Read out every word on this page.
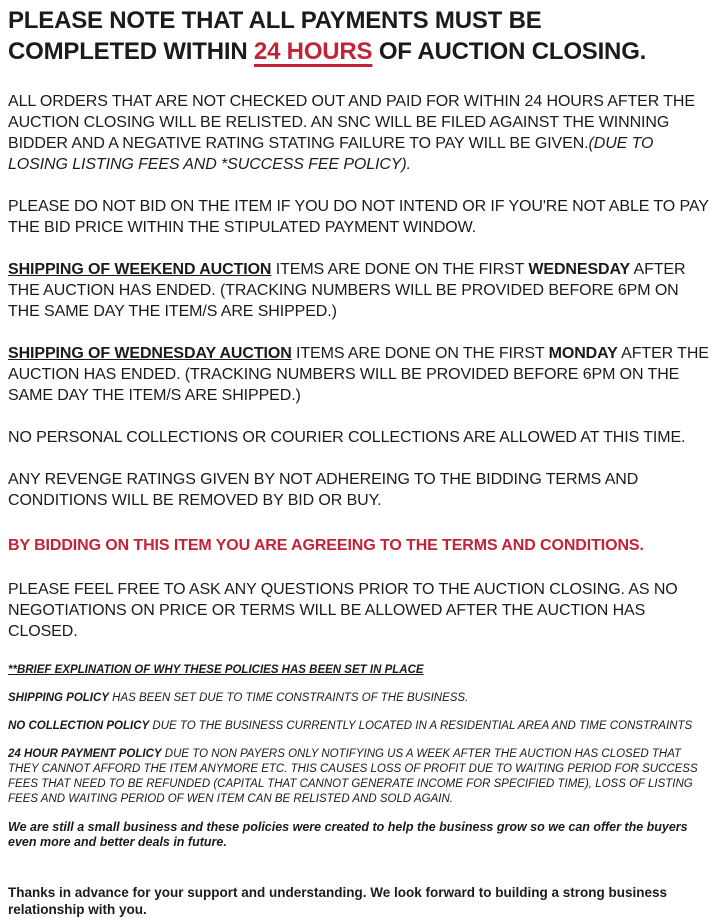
PLEASE NOTE THAT ALL PAYMENTS MUST BE COMPLETED WITHIN 24 HOURS OF AUCTION CLOSING.

ALL ORDERS THAT ARE NOT CHECKED OUT AND PAID FOR WITHIN 24 HOURS AFTER THE AUCTION CLOSING WILL BE RELISTED. AN SNC WILL BE FILED AGAINST THE WINNING BIDDER AND A NEGATIVE RATING STATING FAILURE TO PAY WILL BE GIVEN.(DUE TO LOSING LISTING FEES AND *SUCCESS FEE POLICY).

PLEASE DO NOT BID ON THE ITEM IF YOU DO NOT INTEND OR IF YOU'RE NOT ABLE TO PAY THE BID PRICE WITHIN THE STIPULATED PAYMENT WINDOW.

SHIPPING OF WEEKEND AUCTION ITEMS ARE DONE ON THE FIRST WEDNESDAY AFTER THE AUCTION HAS ENDED. (TRACKING NUMBERS WILL BE PROVIDED BEFORE 6PM ON THE SAME DAY THE ITEM/S ARE SHIPPED.)

SHIPPING OF WEDNESDAY AUCTION ITEMS ARE DONE ON THE FIRST MONDAY AFTER THE AUCTION HAS ENDED. (TRACKING NUMBERS WILL BE PROVIDED BEFORE 6PM ON THE SAME DAY THE ITEM/S ARE SHIPPED.)

NO PERSONAL COLLECTIONS OR COURIER COLLECTIONS ARE ALLOWED AT THIS TIME.

ANY REVENGE RATINGS GIVEN BY NOT ADHEREING TO THE BIDDING TERMS AND CONDITIONS WILL BE REMOVED BY BID OR BUY.

BY BIDDING ON THIS ITEM YOU ARE AGREEING TO THE TERMS AND CONDITIONS.

PLEASE FEEL FREE TO ASK ANY QUESTIONS PRIOR TO THE AUCTION CLOSING. AS NO NEGOTIATIONS ON PRICE OR TERMS WILL BE ALLOWED AFTER THE AUCTION HAS CLOSED.

**BRIEF EXPLINATION OF WHY THESE POLICIES HAS BEEN SET IN PLACE

SHIPPING POLICY HAS BEEN SET DUE TO TIME CONSTRAINTS OF THE BUSINESS.

NO COLLECTION POLICY DUE TO THE BUSINESS CURRENTLY LOCATED IN A RESIDENTIAL AREA AND TIME CONSTRAINTS

24 HOUR PAYMENT POLICY DUE TO NON PAYERS ONLY NOTIFYING US A WEEK AFTER THE AUCTION HAS CLOSED THAT THEY CANNOT AFFORD THE ITEM ANYMORE ETC. THIS CAUSES LOSS OF PROFIT DUE TO WAITING PERIOD FOR SUCCESS FEES THAT NEED TO BE REFUNDED (CAPITAL THAT CANNOT GENERATE INCOME FOR SPECIFIED TIME), LOSS OF LISTING FEES AND WAITING PERIOD OF WEN ITEM CAN BE RELISTED AND SOLD AGAIN.

We are still a small business and these policies were created to help the business grow so we can offer the buyers even more and better deals in future.

Thanks in advance for your support and understanding. We look forward to building a strong business relationship with you.
